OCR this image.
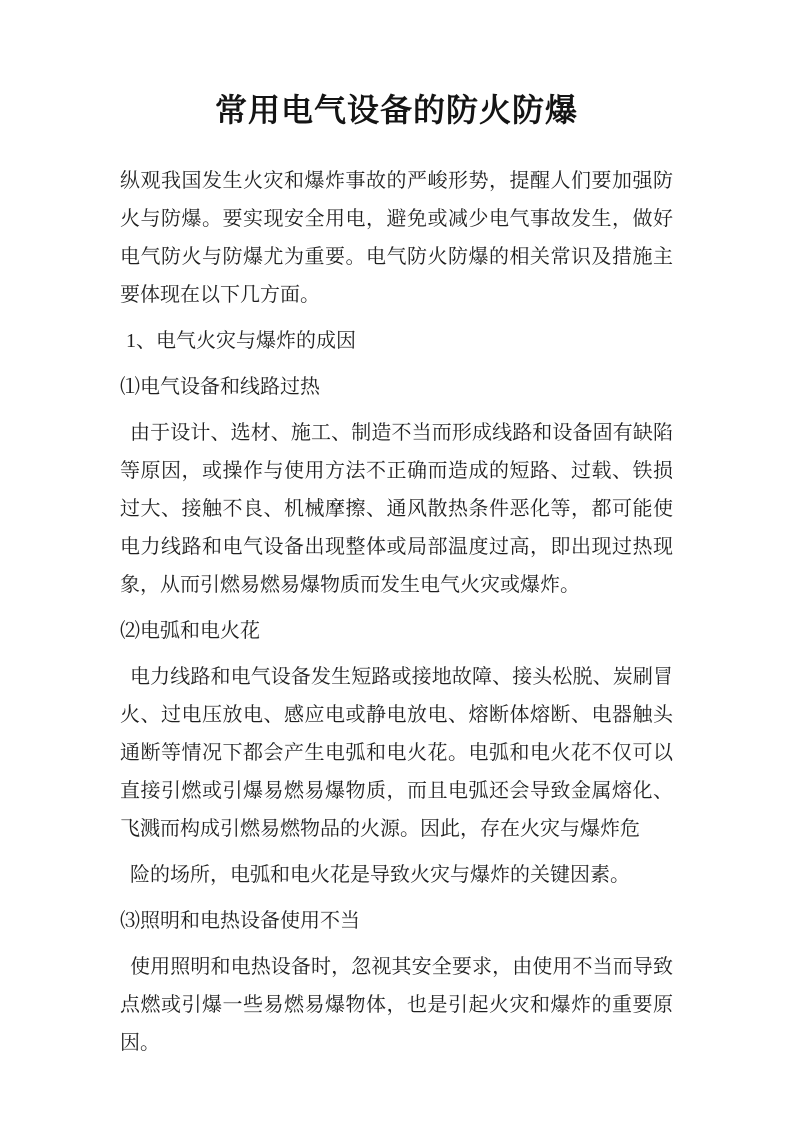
常用电气设备的防火防爆

纵观我国发生火灾和爆炸事故的严峻形势，提醒人们要加强防火与防爆。要实现安全用电，避免或减少电气事故发生，做好电气防火与防爆尤为重要。电气防火防爆的相关常识及措施主要体现在以下几方面。

1、电气火灾与爆炸的成因

⑴电气设备和线路过热

由于设计、选材、施工、制造不当而形成线路和设备固有缺陷等原因，或操作与使用方法不正确而造成的短路、过载、铁损过大、接触不良、机械摩擦、通风散热条件恶化等，都可能使电力线路和电气设备出现整体或局部温度过高，即出现过热现象，从而引燃易燃易爆物质而发生电气火灾或爆炸。

⑵电弧和电火花

电力线路和电气设备发生短路或接地故障、接头松脱、炭刷冒火、过电压放电、感应电或静电放电、熔断体熔断、电器触头通断等情况下都会产生电弧和电火花。电弧和电火花不仅可以直接引燃或引爆易燃易爆物质，而且电弧还会导致金属熔化、飞溅而构成引燃易燃物品的火源。因此，存在火灾与爆炸危

险的场所，电弧和电火花是导致火灾与爆炸的关键因素。

⑶照明和电热设备使用不当

使用照明和电热设备时，忽视其安全要求，由使用不当而导致点燃或引爆一些易燃易爆物体，也是引起火灾和爆炸的重要原因。
